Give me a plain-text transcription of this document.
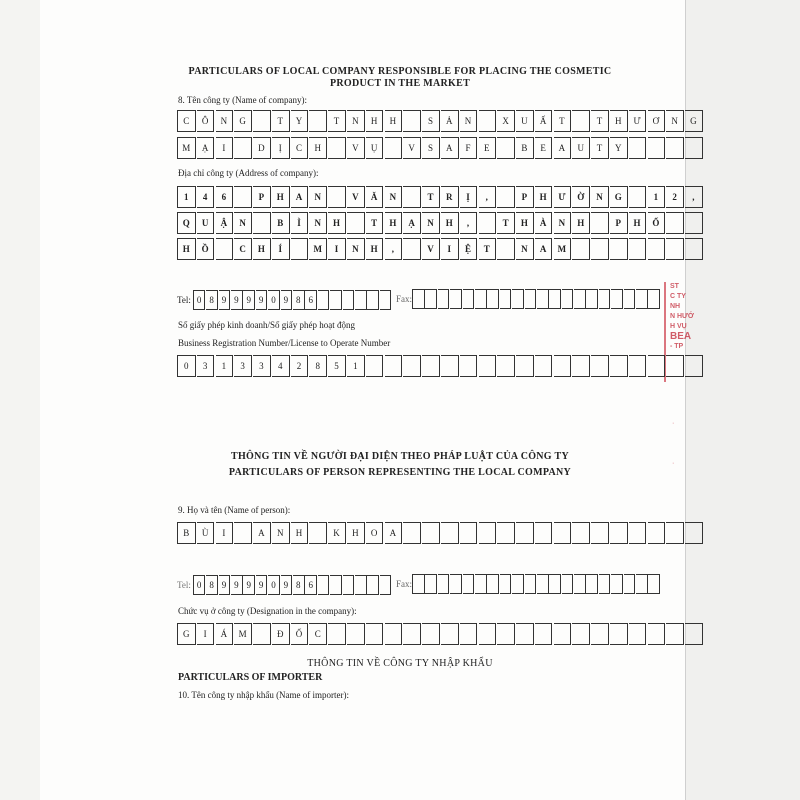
ST
C TY
NH
N HƯỚ
H VỤ
BEA
- TP
·
·
PARTICULARS OF LOCAL COMPANY RESPONSIBLE FOR PLACING THE COSMETIC
PRODUCT IN THE MARKET
8. Tên công ty (Name of company):
C	Ô	N	G	T	Y	T	N	H	H	S	Ả	N	X	U	Ấ	T	T	H	Ư	Ơ	N	G
M	Ạ	I	D	Ị	C	H	V	Ụ	V	S	A	F	E	B	E	A	U	T	Y
Địa chỉ công ty (Address of company):
1	4	6	P	H	A	N	V	Ă	N	T	R	Ị	,	P	H	Ư	Ờ	N	G	1	2	,
Q	U	Ậ	N	B	Ì	N	H	T	H	Ạ	N	H	,	T	H	À	N	H	P	H	Ố
H	Ồ	C	H	Í	M	I	N	H	,	V	I	Ệ	T	N	A	M
Tel: 0 8 9 9 9 9 0 9 8 6	Fax:
Số giấy phép kinh doanh/Số giấy phép hoạt động
Business Registration Number/License to Operate Number
0	3	1	3	3	4	2	8	5	1
THÔNG TIN VỀ NGƯỜI ĐẠI DIỆN THEO PHÁP LUẬT CỦA CÔNG TY
PARTICULARS OF PERSON REPRESENTING THE LOCAL COMPANY
9. Họ và tên (Name of person):
B	Ù	I	A	N	H	K	H	O	A
Tel: 0 8 9 9 9 9 0 9 8 6	Fax:
Chức vụ ở công ty (Designation in the company):
G	I	Á	M	Đ	Ố	C
THÔNG TIN VỀ CÔNG TY NHẬP KHẨU
PARTICULARS OF IMPORTER
10. Tên công ty nhập khẩu (Name of importer):
